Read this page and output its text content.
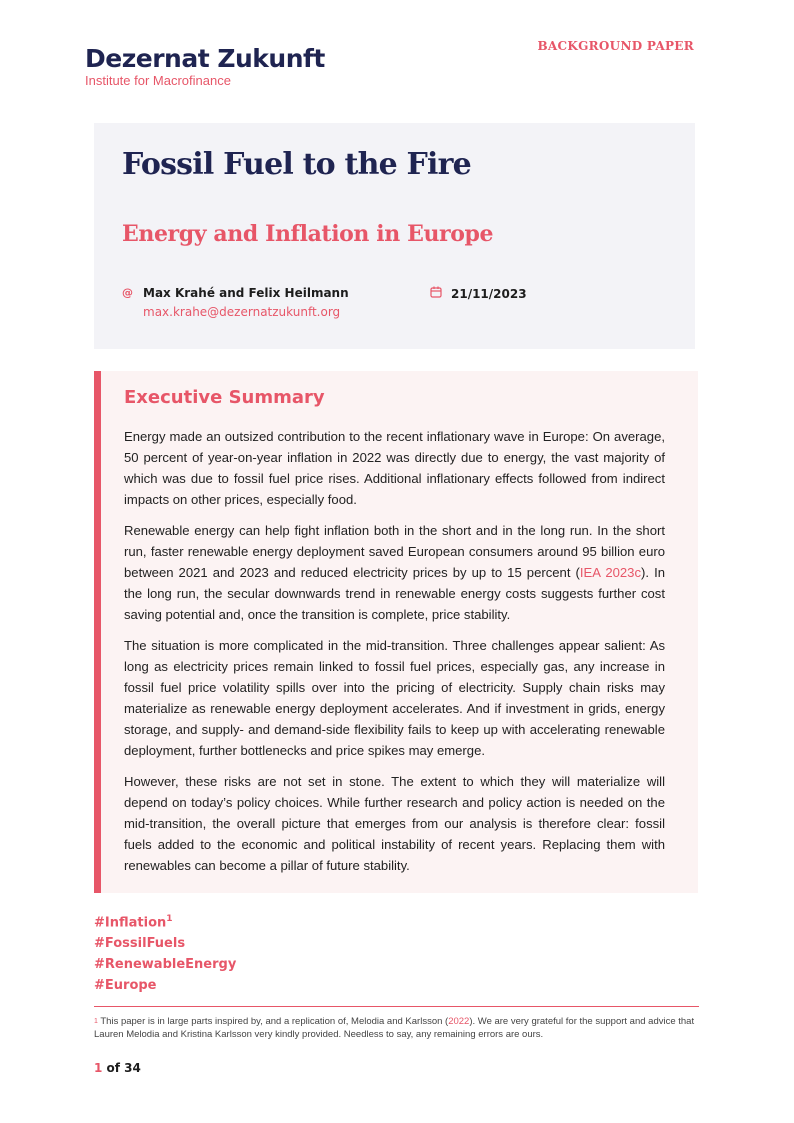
Dezernat Zukunft
Institute for Macrofinance
BACKGROUND PAPER
Fossil Fuel to the Fire
Energy and Inflation in Europe
@ Max Krahé and Felix Heilmann
max.krahe@dezernatzukunft.org
21/11/2023
Executive Summary

Energy made an outsized contribution to the recent inflationary wave in Europe: On average, 50 percent of year-on-year inflation in 2022 was directly due to energy, the vast majority of which was due to fossil fuel price rises. Additional inflationary effects followed from indirect impacts on other prices, especially food.

Renewable energy can help fight inflation both in the short and in the long run. In the short run, faster renewable energy deployment saved European consumers around 95 billion euro between 2021 and 2023 and reduced electricity prices by up to 15 percent (IEA 2023c). In the long run, the secular downwards trend in renewable energy costs suggests further cost saving potential and, once the transition is complete, price stability.

The situation is more complicated in the mid-transition. Three challenges appear salient: As long as electricity prices remain linked to fossil fuel prices, especially gas, any increase in fossil fuel price volatility spills over into the pricing of electricity. Supply chain risks may materialize as renewable energy deployment accelerates. And if investment in grids, energy storage, and supply- and demand-side flexibility fails to keep up with accelerating renewable deployment, further bottlenecks and price spikes may emerge.

However, these risks are not set in stone. The extent to which they will materialize will depend on today’s policy choices. While further research and policy action is needed on the mid-transition, the overall picture that emerges from our analysis is therefore clear: fossil fuels added to the economic and political instability of recent years. Replacing them with renewables can become a pillar of future stability.

#Inflation$^1$
#FossilFuels
#RenewableEnergy
#Europe
$^1$ This paper is in large parts inspired by, and a replication of, Melodia and Karlsson (2022). We are very grateful for the support and advice that Lauren Melodia and Kristina Karlsson very kindly provided. Needless to say, any remaining errors are ours.
1 of 34
